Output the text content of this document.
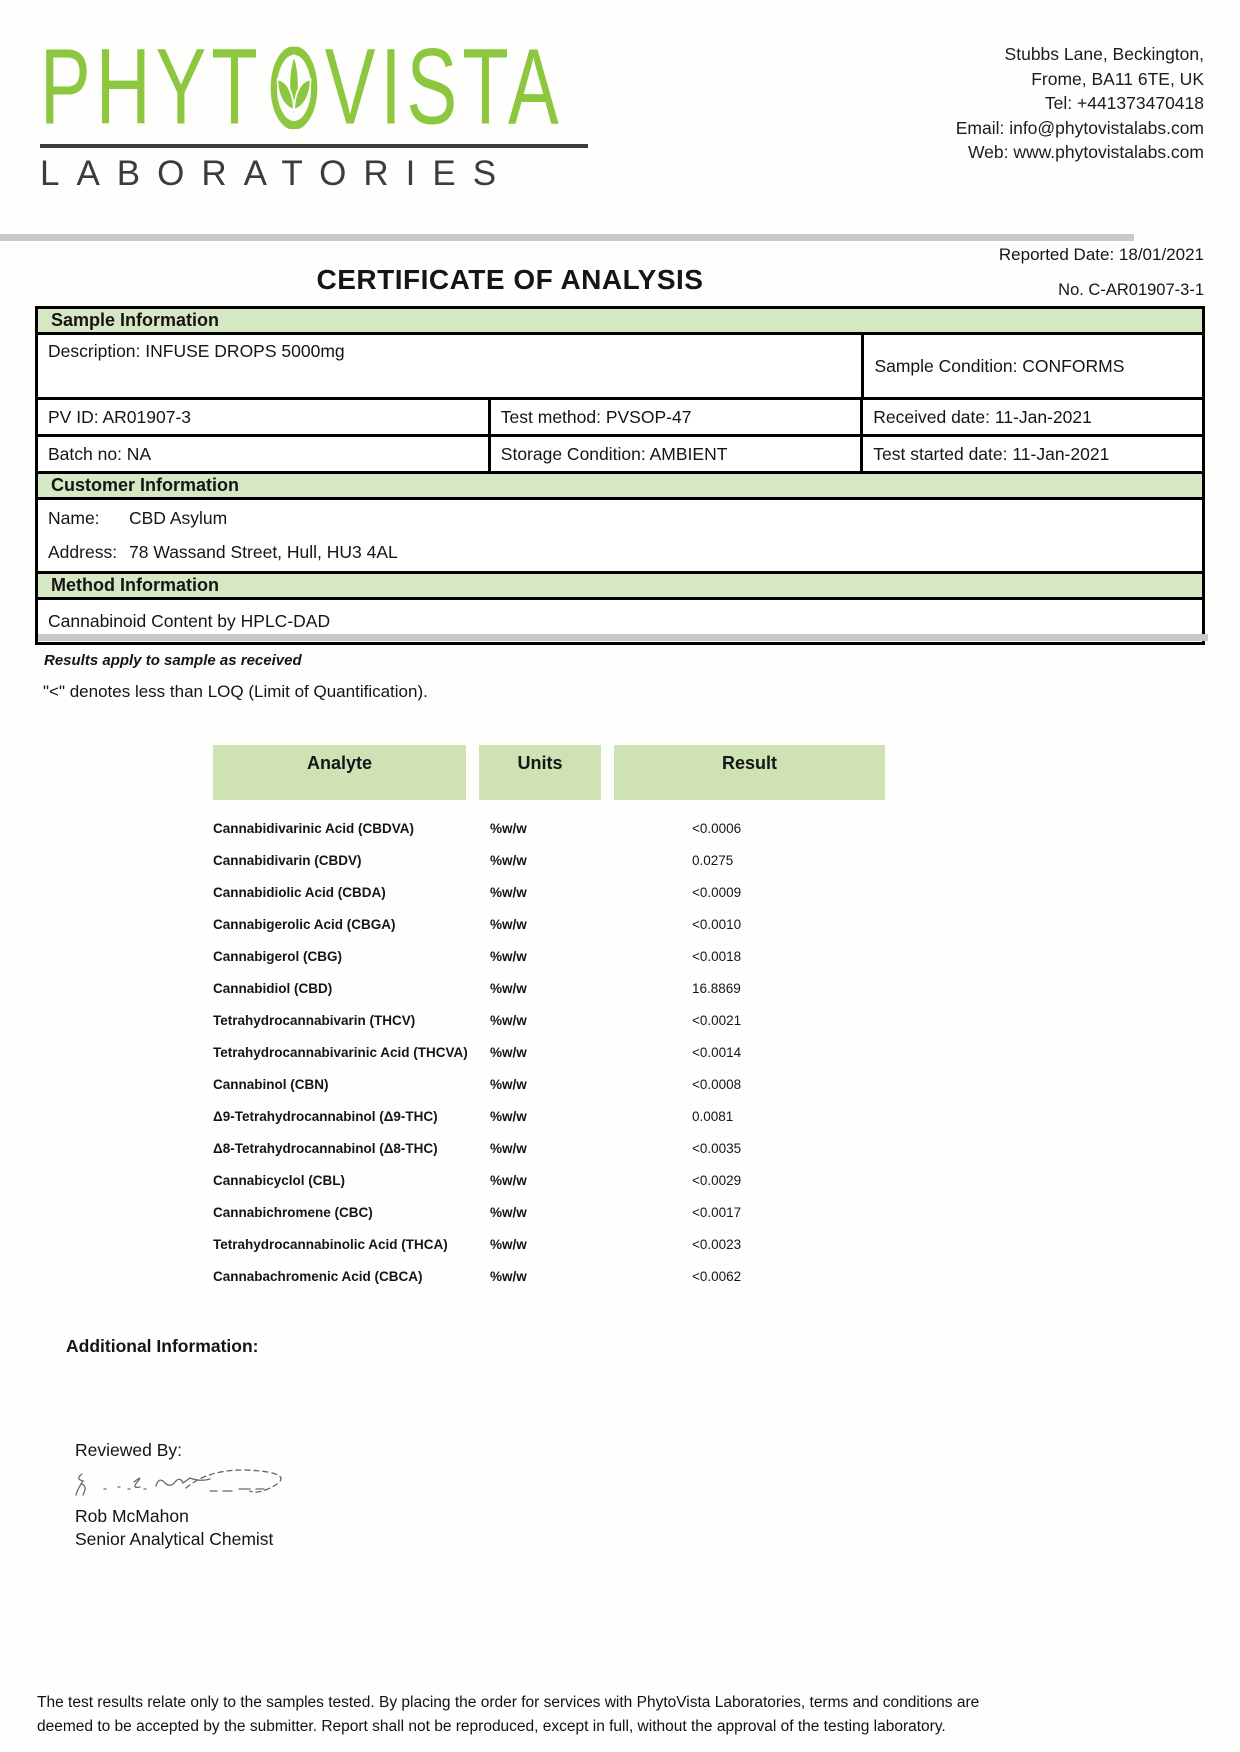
PHYT VISTA
LABORATORIES
Stubbs Lane, Beckington,
Frome, BA11 6TE, UK
Tel: +441373470418
Email: info@phytovistalabs.com
Web: www.phytovistalabs.com
Reported Date: 18/01/2021
CERTIFICATE OF ANALYSIS	No. C-AR01907-3-1
Sample Information
Description: INFUSE DROPS 5000mg
Sample Condition: CONFORMS
PV ID: AR01907-3	Test method: PVSOP-47	Received date: 11-Jan-2021
Batch no: NA	Storage Condition: AMBIENT	Test started date: 11-Jan-2021
Customer Information
Name:	CBD Asylum
Address: 78 Wassand Street, Hull, HU3 4AL
Method Information
Cannabinoid Content by HPLC-DAD
Results apply to sample as received
"<" denotes less than LOQ (Limit of Quantification).
Analyte	Units	Result
Cannabidivarinic Acid (CBDVA)	%w/w	<0.0006
Cannabidivarin (CBDV)	%w/w	0.0275
Cannabidiolic Acid (CBDA)	%w/w	<0.0009
Cannabigerolic Acid (CBGA)	%w/w	<0.0010
Cannabigerol (CBG)	%w/w	<0.0018
Cannabidiol (CBD)	%w/w	16.8869
Tetrahydrocannabivarin (THCV)	%w/w	<0.0021
Tetrahydrocannabivarinic Acid (THCVA)	%w/w	<0.0014
Cannabinol (CBN)	%w/w	<0.0008
Δ9-Tetrahydrocannabinol (Δ9-THC)	%w/w	0.0081
Δ8-Tetrahydrocannabinol (Δ8-THC)	%w/w	<0.0035
Cannabicyclol (CBL)	%w/w	<0.0029
Cannabichromene (CBC)	%w/w	<0.0017
Tetrahydrocannabinolic Acid (THCA)	%w/w	<0.0023
Cannabachromenic Acid (CBCA)	%w/w	<0.0062
Additional Information:
Reviewed By:
Rob McMahon
Senior Analytical Chemist
The test results relate only to the samples tested. By placing the order for services with PhytoVista Laboratories, terms and conditions are
deemed to be accepted by the submitter. Report shall not be reproduced, except in full, without the approval of the testing laboratory.
